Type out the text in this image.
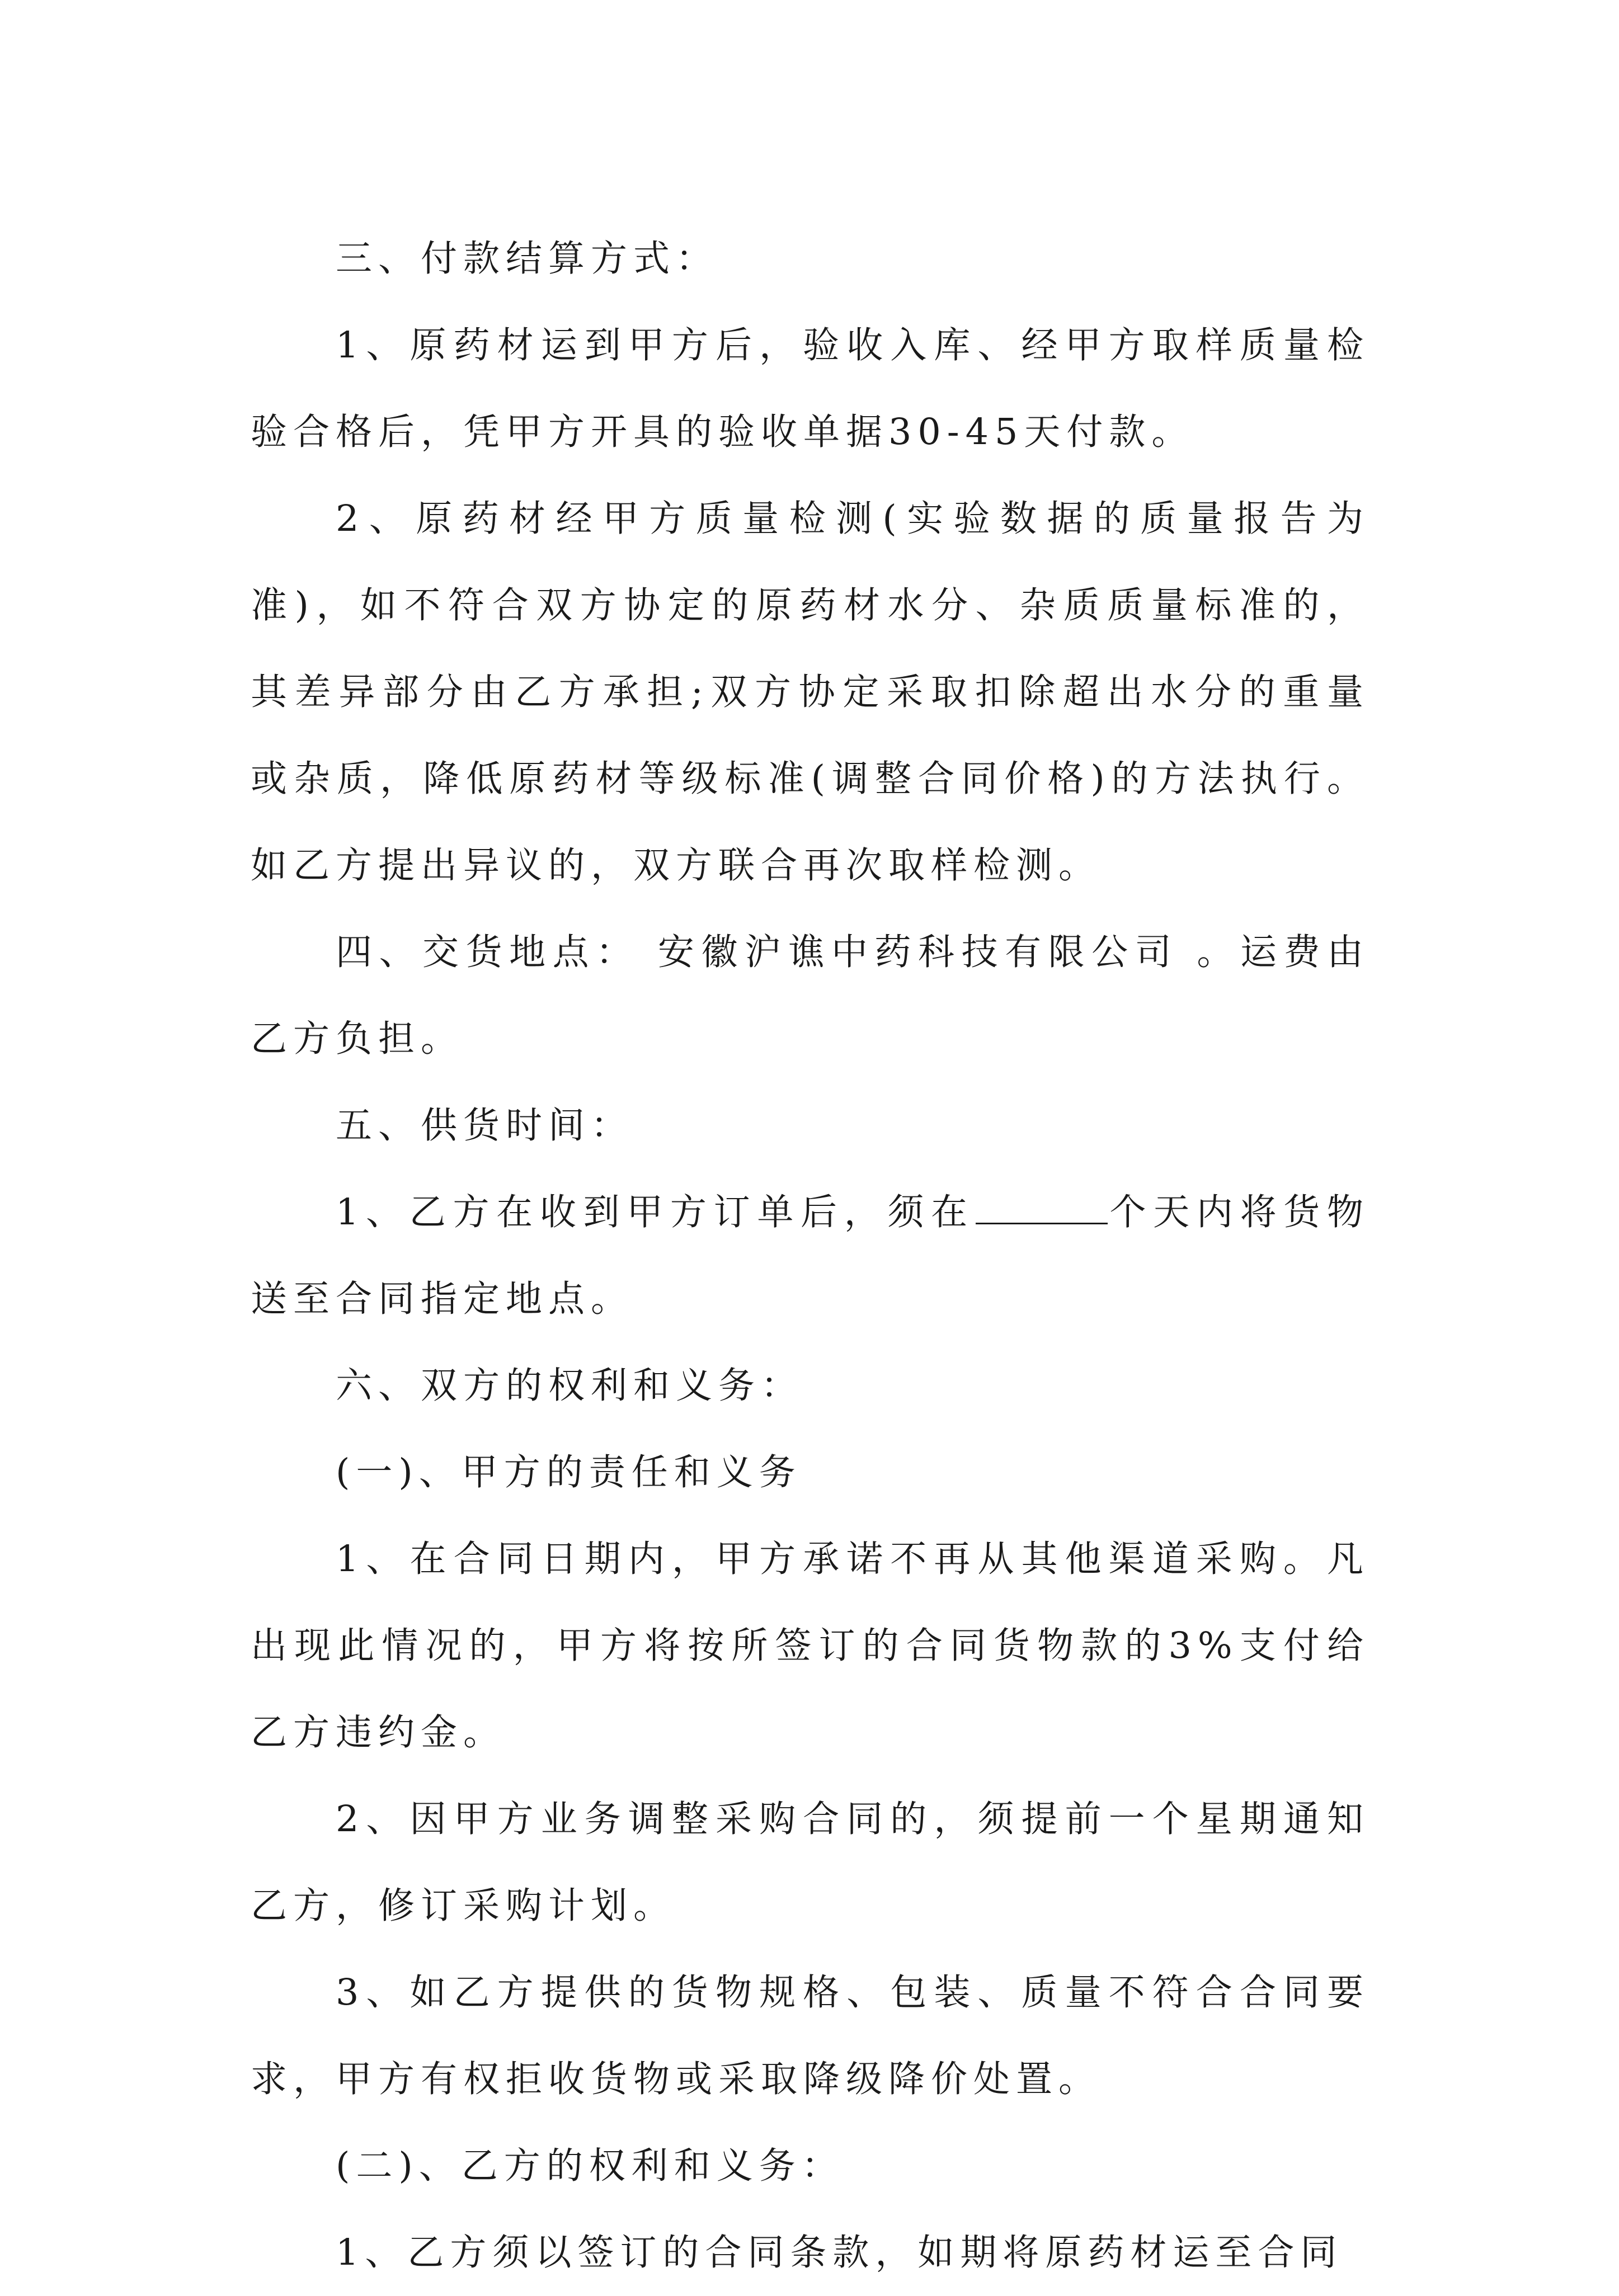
三、付款结算方式：

1、原药材运到甲方后，验收入库、经甲方取样质量检验合格后，凭甲方开具的验收单据30-45天付款。

2、原药材经甲方质量检测(实验数据的质量报告为准)，如不符合双方协定的原药材水分、杂质质量标准的，其差异部分由乙方承担;双方协定采取扣除超出水分的重量或杂质，降低原药材等级标准(调整合同价格)的方法执行。如乙方提出异议的，双方联合再次取样检测。

四、交货地点： 安徽沪谯中药科技有限公司 。运费由乙方负担。

五、供货时间：

1、乙方在收到甲方订单后，须在	个天内将货物送至合同指定地点。

六、双方的权利和义务：

(一)、甲方的责任和义务

1、在合同日期内，甲方承诺不再从其他渠道采购。凡出现此情况的，甲方将按所签订的合同货物款的3%支付给乙方违约金。

2、因甲方业务调整采购合同的，须提前一个星期通知乙方，修订采购计划。

3、如乙方提供的货物规格、包装、质量不符合合同要求，甲方有权拒收货物或采取降级降价处置。

(二)、乙方的权利和义务：

1、乙方须以签订的合同条款，如期将原药材运至合同
